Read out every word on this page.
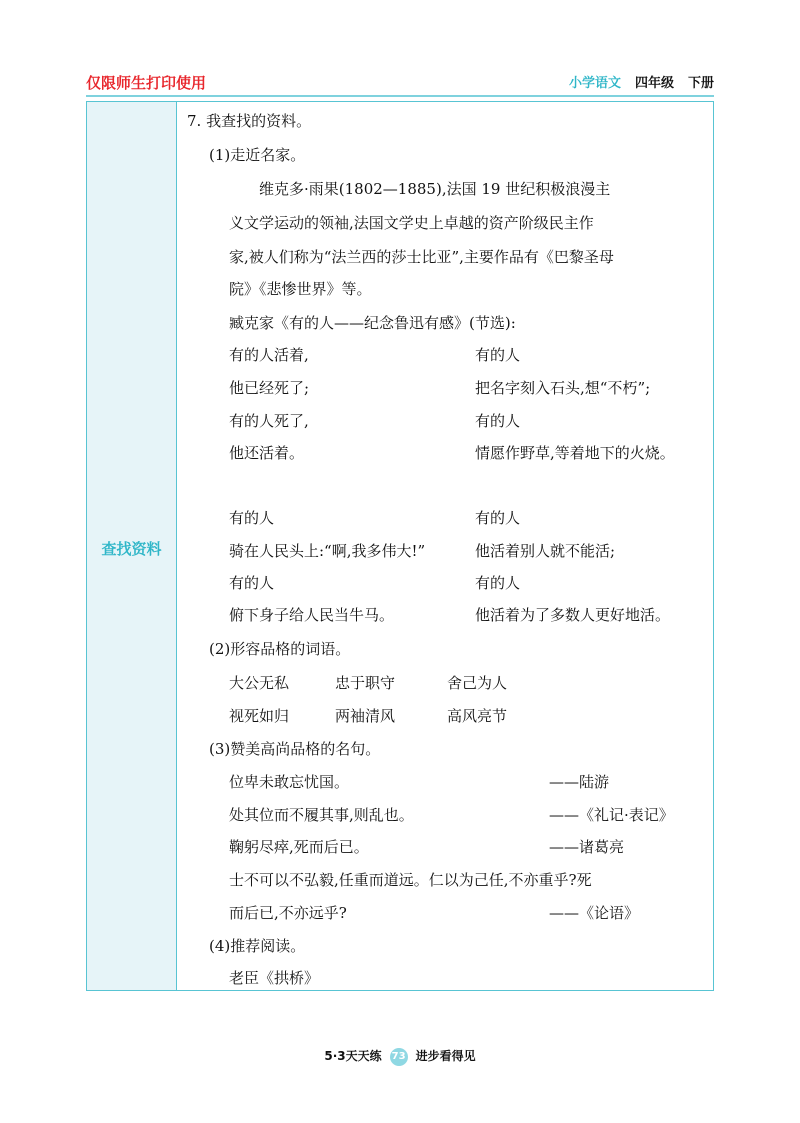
仅限师生打印使用	小学语文 四年级 下册
查找资料
7. 我查找的资料。
(1)走近名家。
维克多·雨果(1802—1885),法国 19 世纪积极浪漫主
义文学运动的领袖,法国文学史上卓越的资产阶级民主作
家,被人们称为“法兰西的莎士比亚”,主要作品有《巴黎圣母
院》《悲惨世界》等。
臧克家《有的人——纪念鲁迅有感》(节选):
有的人活着,	有的人
他已经死了;	把名字刻入石头,想“不朽”;
有的人死了,	有的人
他还活着。	情愿作野草,等着地下的火烧。
有的人	有的人
骑在人民头上:“啊,我多伟大!”	他活着别人就不能活;
有的人	有的人
俯下身子给人民当牛马。	他活着为了多数人更好地活。
(2)形容品格的词语。
大公无私	忠于职守	舍己为人
视死如归	两袖清风	高风亮节
(3)赞美高尚品格的名句。
位卑未敢忘忧国。	——陆游
处其位而不履其事,则乱也。	——《礼记·表记》
鞠躬尽瘁,死而后已。	——诸葛亮
士不可以不弘毅,任重而道远。仁以为己任,不亦重乎?死
而后已,不亦远乎?	——《论语》
(4)推荐阅读。
老臣《拱桥》
5·3天天练 73 进步看得见
